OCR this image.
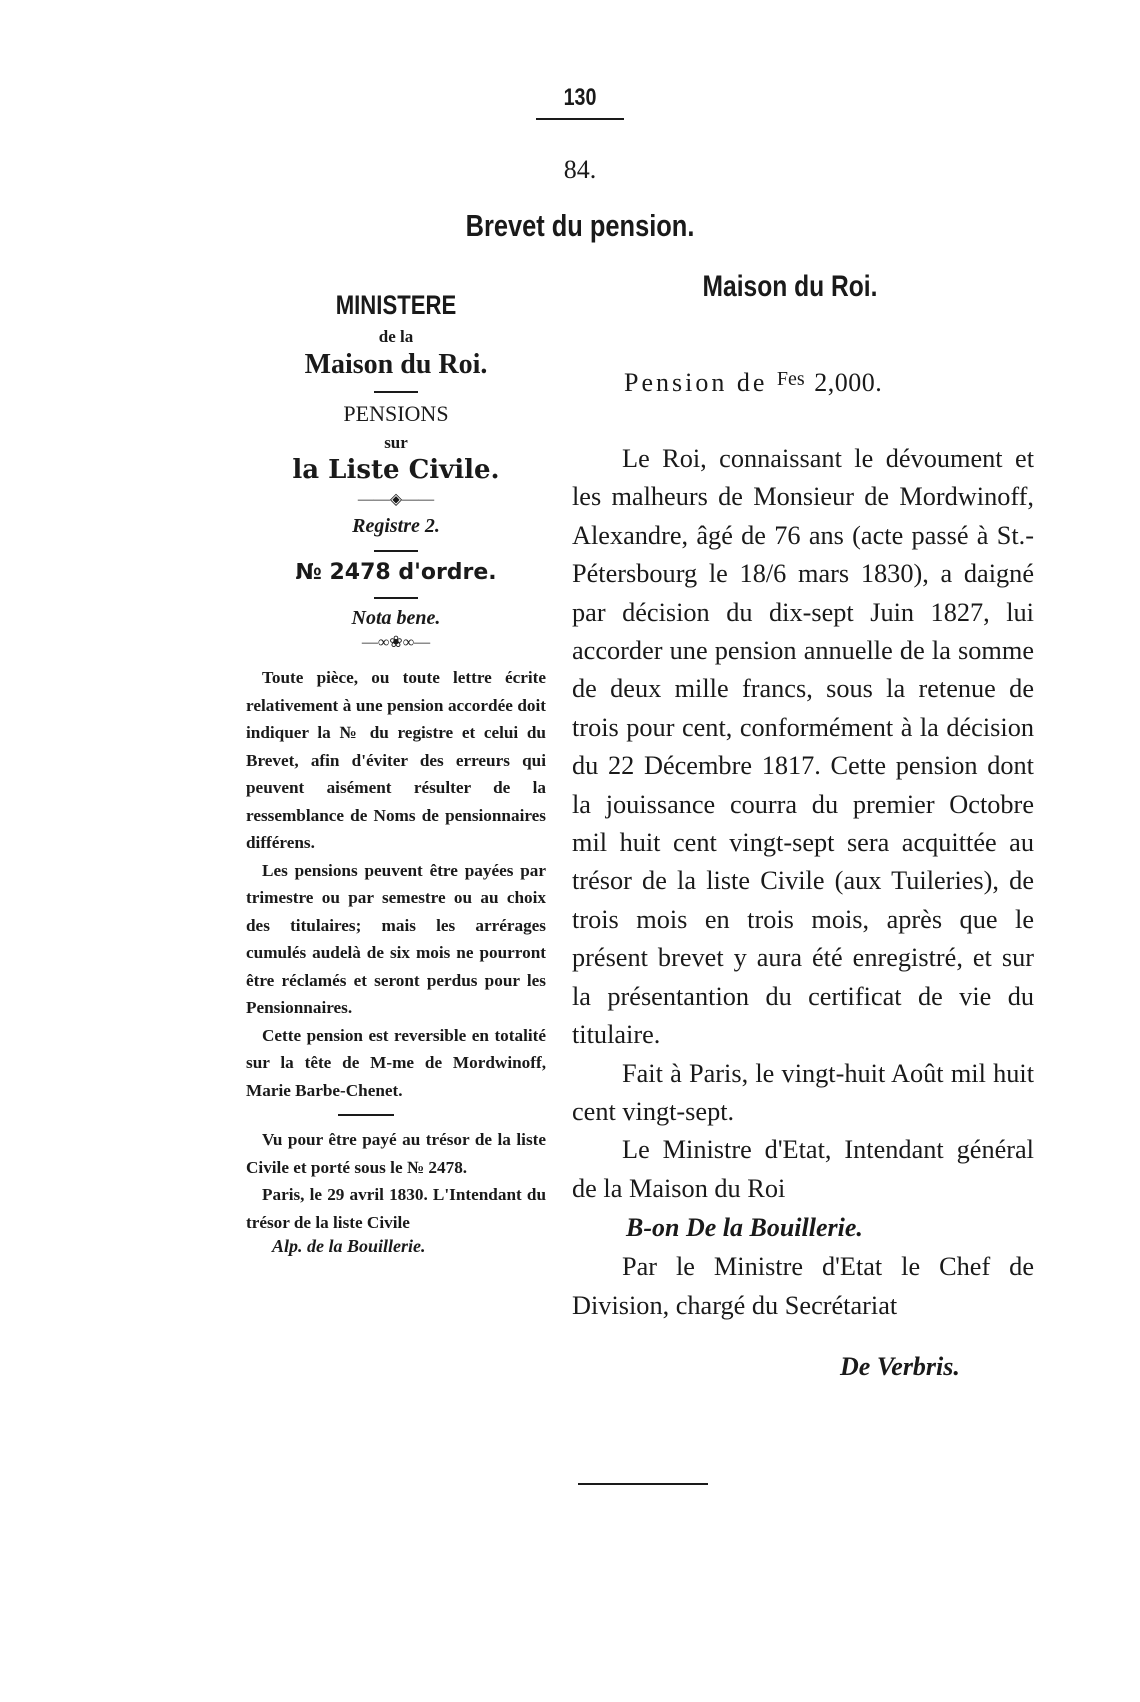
130
84.
Brevet du pension.

MINISTERE

de la

Maison du Roi.

PENSIONS

sur

la Liste Civile.

——◈——

Registre 2.

№ 2478 d'ordre.

Nota bene.

—∞❀∞—

Toute pièce, ou toute lettre écrite relativement à une pension accordée doit indiquer la № du registre et celui du Brevet, afin d'éviter des erreurs qui peuvent aisément résulter de la ressemblance de Noms de pensionnaires différens.

Les pensions peuvent être payées par trimestre ou par semestre ou au choix des titulaires; mais les arrérages cumulés audelà de six mois ne pourront être réclamés et seront perdus pour les Pensionnaires.

Cette pension est reversible en totalité sur la tête de M-me de Mordwinoff, Marie Barbe-Chenet.

Vu pour être payé au trésor de la liste Civile et porté sous le № 2478.

Paris, le 29 avril 1830. L'Intendant du trésor de la liste Civile

Alp. de la Bouillerie.

Maison du Roi.
Pension de $^{Fes}$ 2,000.

Le Roi, connaissant le dévoument et les malheurs de Monsieur de Mordwinoff, Alexandre, âgé de 76 ans (acte passé à St.-Pétersbourg le 18/6 mars 1830), a daigné par décision du dix-sept Juin 1827, lui accorder une pension annuelle de la somme de deux mille francs, sous la retenue de trois pour cent, conformément à la décision du 22 Décembre 1817. Cette pension dont la jouissance courra du premier Octobre mil huit cent vingt-sept sera acquittée au trésor de la liste Civile (aux Tuileries), de trois mois en trois mois, après que le présent brevet y aura été enregistré, et sur la présentantion du certificat de vie du titulaire.

Fait à Paris, le vingt-huit Août mil huit cent vingt-sept.

Le Ministre d'Etat, Intendant général de la Maison du Roi

B-on De la Bouillerie.

Par le Ministre d'Etat le Chef de Division, chargé du Secrétariat

De Verbris.
